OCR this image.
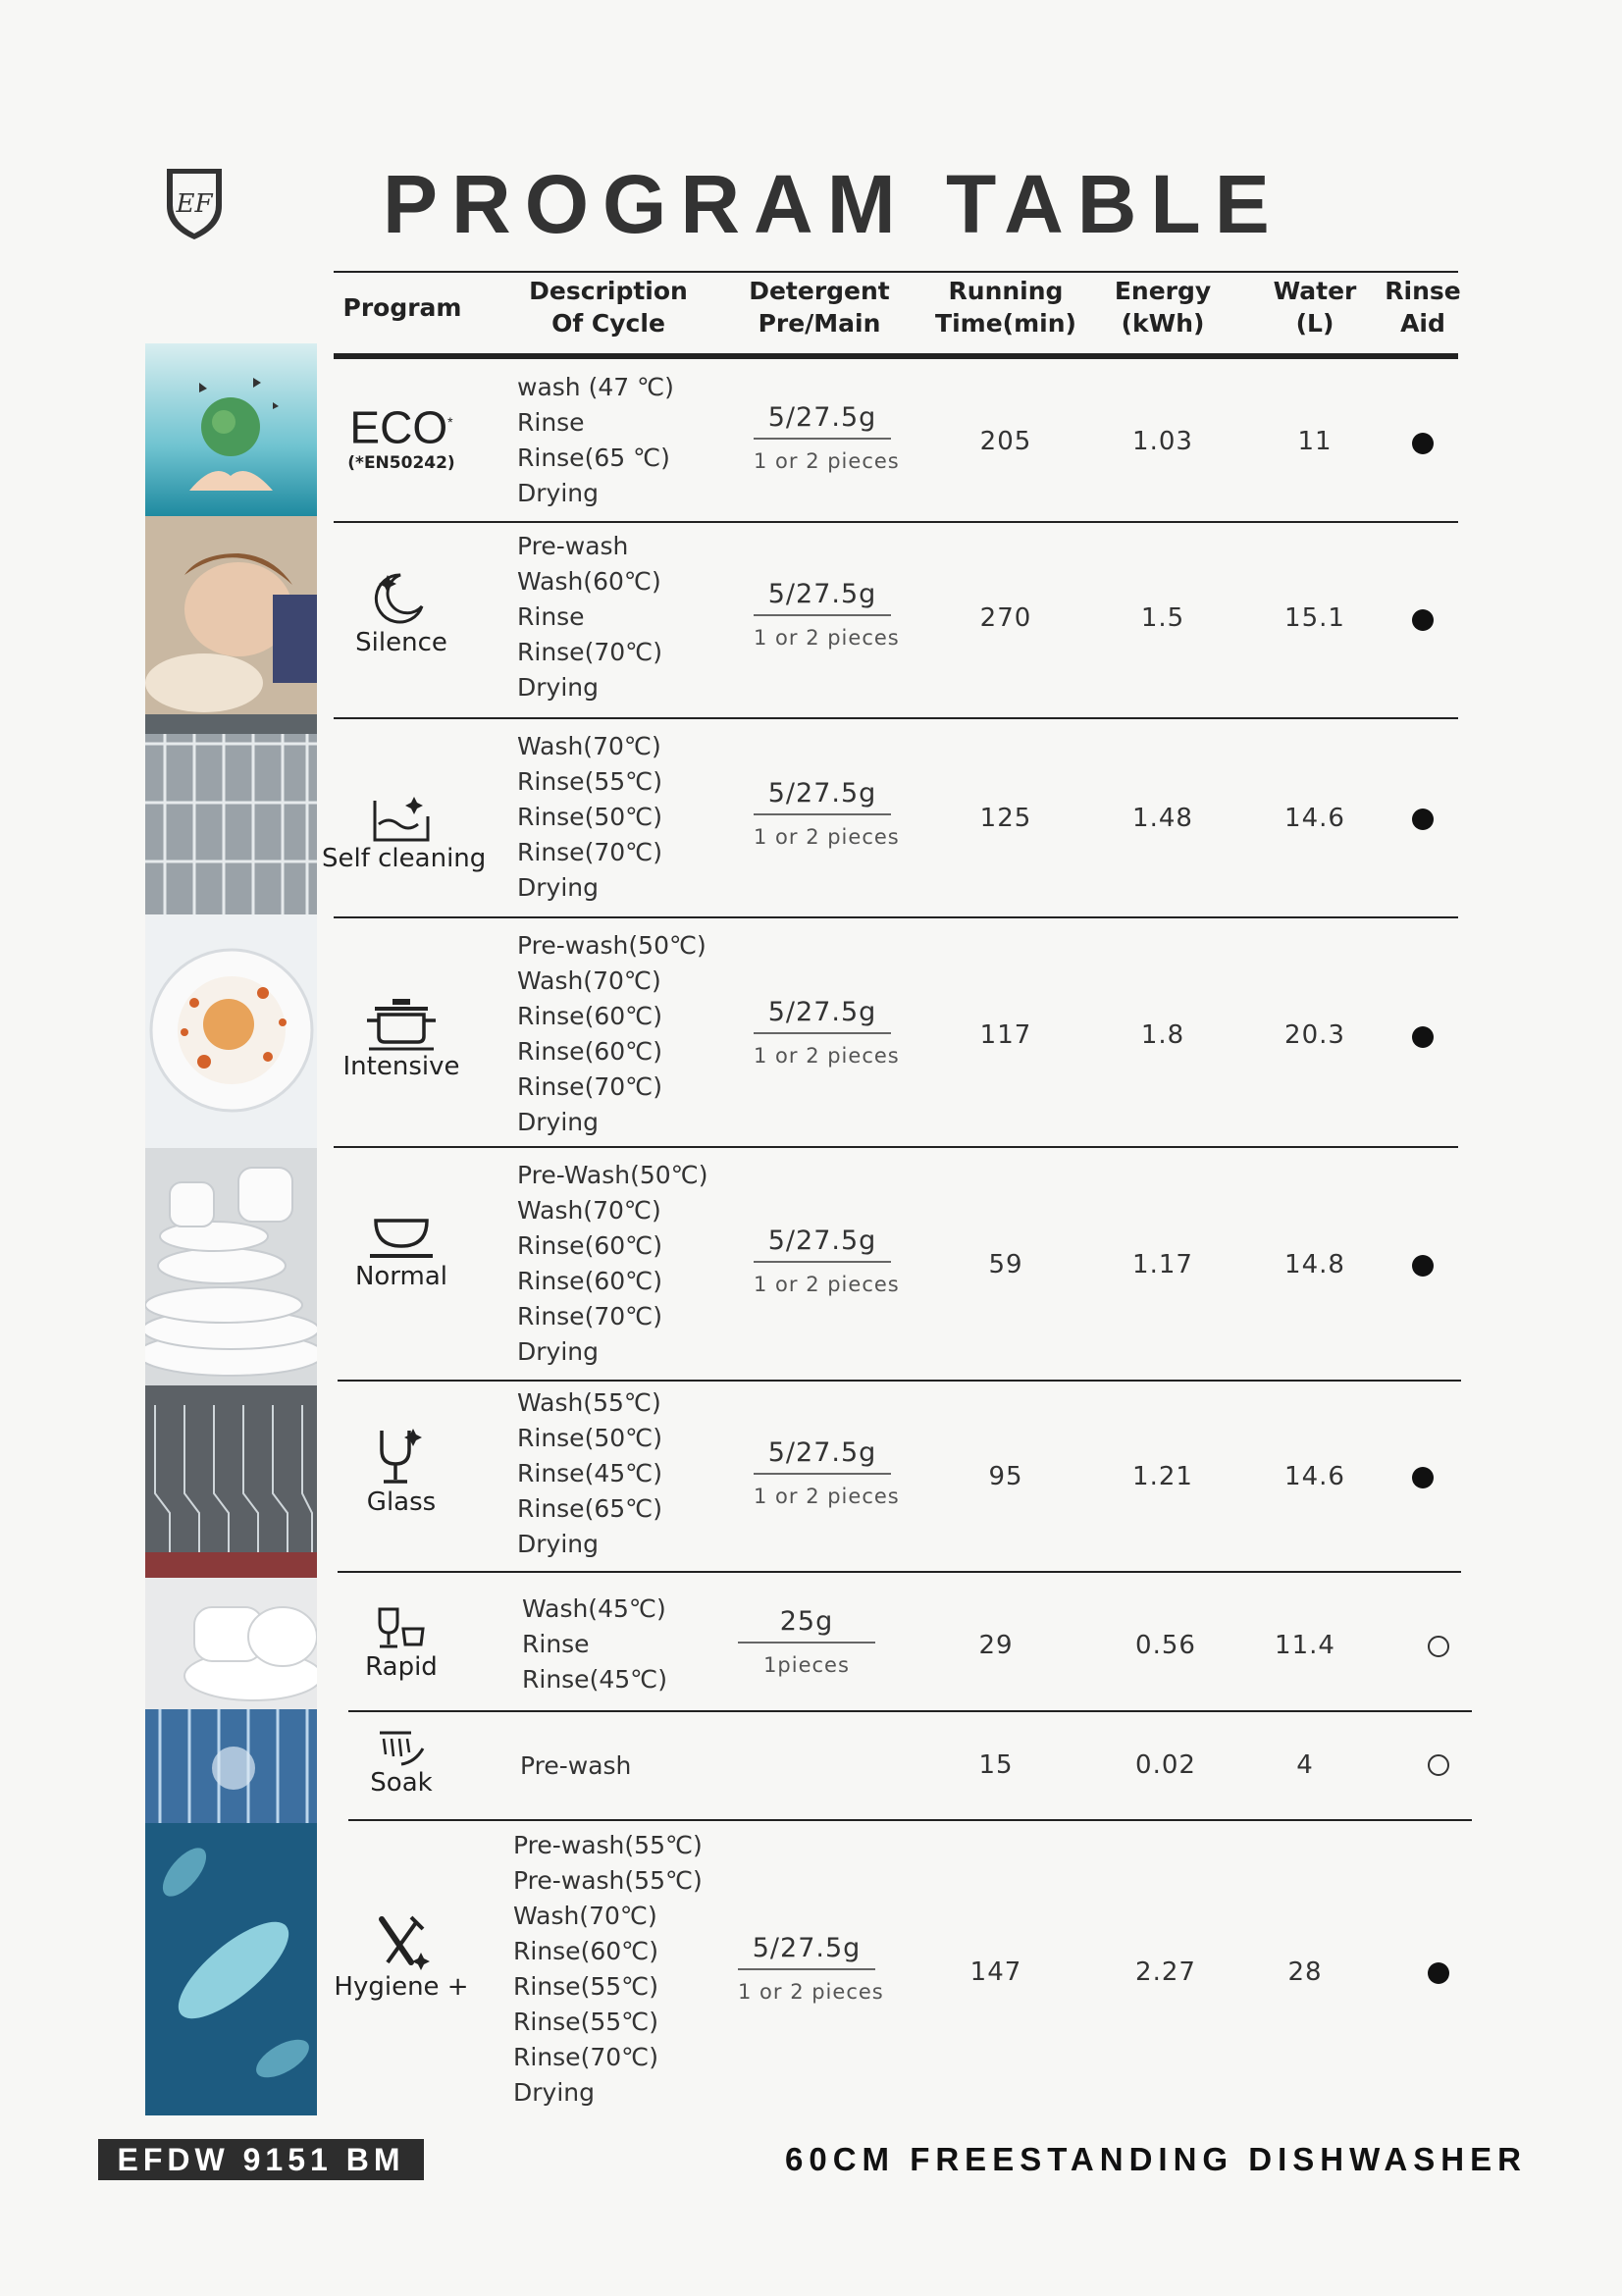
EF PROGRAM TABLE
Program
Description
Of Cycle
Detergent
Pre/Main
Running
Time(min)
Energy
(kWh)
Water
(L)
Rinse
Aid
ECO*
(*EN50242)
Silence
Self cleaning
Intensive
Normal
Glass
Rapid
Soak
Hygiene +
wash (47 ℃)
Rinse
Rinse(65 ℃)
Drying
Pre-wash
Wash(60℃)
Rinse
Rinse(70℃)
Drying
Wash(70℃)
Rinse(55℃)
Rinse(50℃)
Rinse(70℃)
Drying
Pre-wash(50℃)
Wash(70℃)
Rinse(60℃)
Rinse(60℃)
Rinse(70℃)
Drying
Pre-Wash(50℃)
Wash(70℃)
Rinse(60℃)
Rinse(60℃)
Rinse(70℃)
Drying
Wash(55℃)
Rinse(50℃)
Rinse(45℃)
Rinse(65℃)
Drying
Wash(45℃)
Rinse
Rinse(45℃)
Pre-wash
Pre-wash(55℃)
Pre-wash(55℃)
Wash(70℃)
Rinse(60℃)
Rinse(55℃)
Rinse(55℃)
Rinse(70℃)
Drying
5/27.5g
1 or 2 pieces
5/27.5g
1 or 2 pieces
5/27.5g
1 or 2 pieces
5/27.5g
1 or 2 pieces
5/27.5g
1 or 2 pieces
5/27.5g
1 or 2 pieces
25g
1pieces
5/27.5g
1 or 2 pieces
205
270
125
117
59
95
29
15
147
1.03
1.5
1.48
1.8
1.17
1.21
0.56
0.02
2.27
11
15.1
14.6
20.3
14.8
14.6
11.4
4
28
EFDW 9151 BM	60CM FREESTANDING DISHWASHER
